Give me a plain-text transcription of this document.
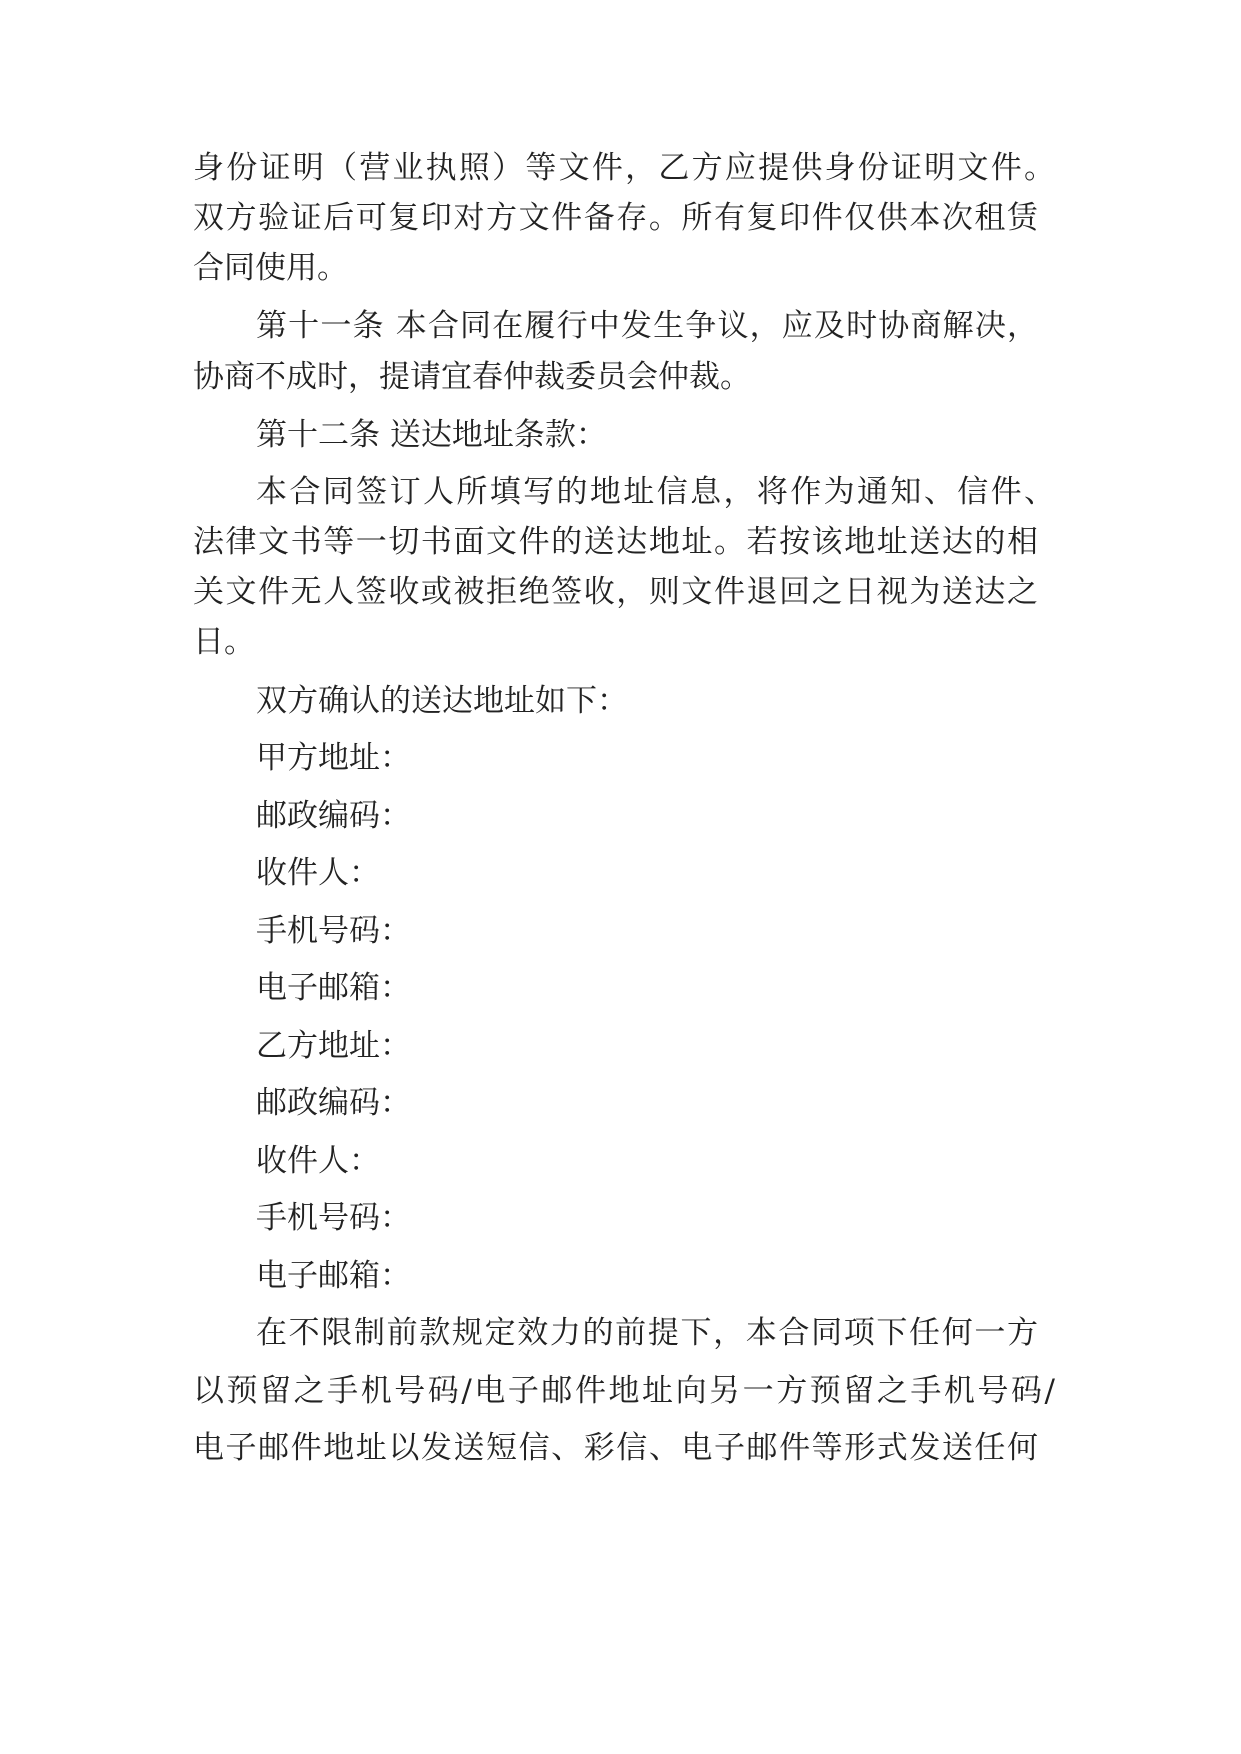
身份证明（营业执照）等文件，乙方应提供身份证明文件。
双方验证后可复印对方文件备存。所有复印件仅供本次租赁
合同使用。
第十一条 本合同在履行中发生争议，应及时协商解决，
协商不成时，提请宜春仲裁委员会仲裁。
第十二条 送达地址条款：
本合同签订人所填写的地址信息，将作为通知、信件、
法律文书等一切书面文件的送达地址。若按该地址送达的相
关文件无人签收或被拒绝签收，则文件退回之日视为送达之
日。
双方确认的送达地址如下：
甲方地址：
邮政编码：
收件人：
手机号码：
电子邮箱：
乙方地址：
邮政编码：
收件人：
手机号码：
电子邮箱：
在不限制前款规定效力的前提下，本合同项下任何一方
以预留之手机号码/电子邮件地址向另一方预留之手机号码/
电子邮件地址以发送短信、彩信、电子邮件等形式发送任何
